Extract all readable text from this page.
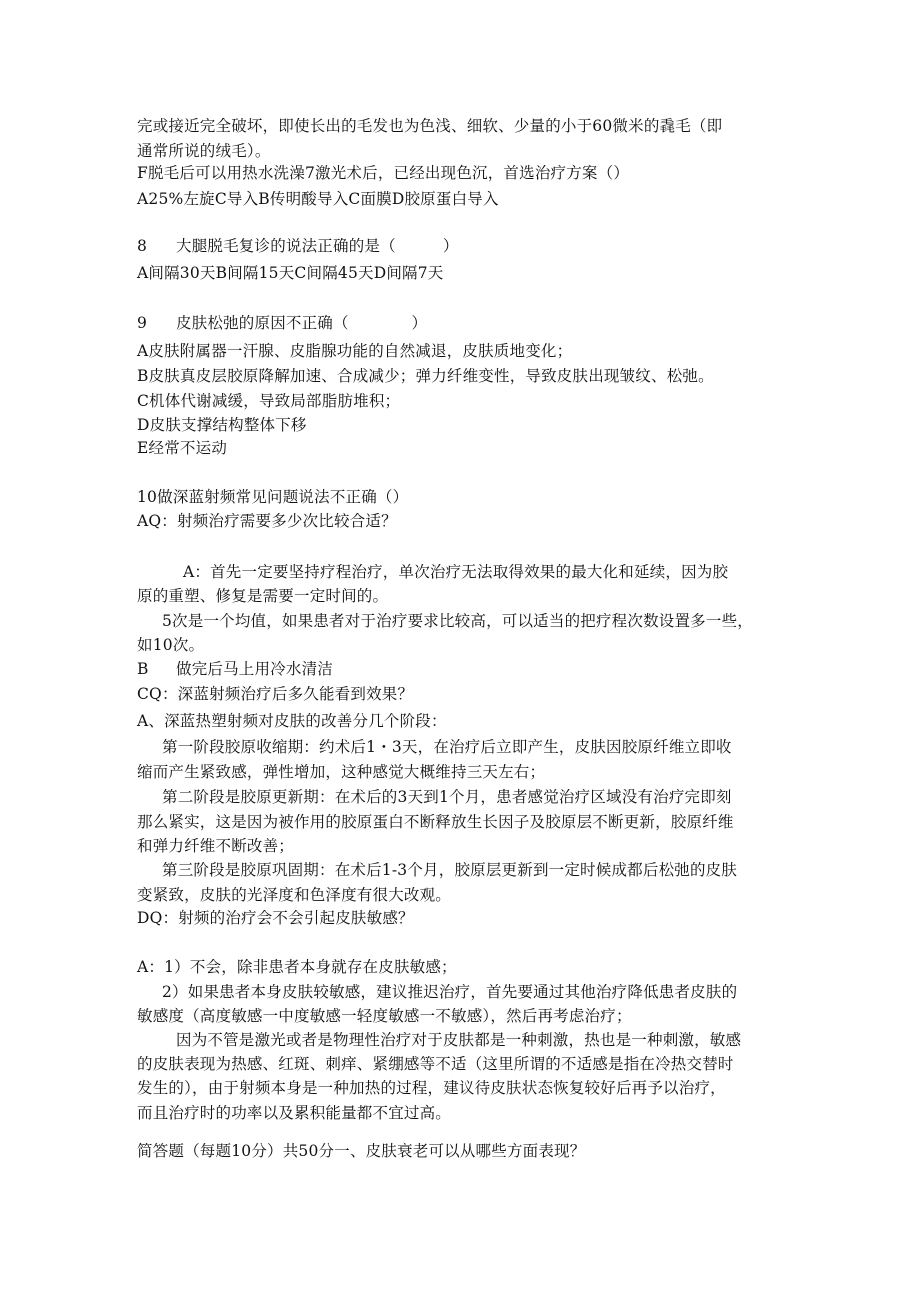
完或接近完全破坏，即使长出的毛发也为色浅、细软、少量的小于60微米的毳毛（即
通常所说的绒毛）。
F脱毛后可以用热水洗澡7激光术后，已经出现色沉，首选治疗方案（）
A25%左旋C导入B传明酸导入C面膜D胶原蛋白导入
8 大腿脱毛复诊的说法正确的是（　　　）
A间隔30天B间隔15天C间隔45天D间隔7天
9 皮肤松弛的原因不正确（　　　　）
A皮肤附属器一汗腺、皮脂腺功能的自然减退，皮肤质地变化；
B皮肤真皮层胶原降解加速、合成减少；弹力纤维变性，导致皮肤出现皱纹、松弛。
C机体代谢减缓，导致局部脂肪堆积；
D皮肤支撑结构整体下移
E经常不运动
10做深蓝射频常见问题说法不正确（）
AQ：射频治疗需要多少次比较合适？
A：首先一定要坚持疗程治疗，单次治疗无法取得效果的最大化和延续，因为胶
原的重塑、修复是需要一定时间的。
5次是一个均值，如果患者对于治疗要求比较高，可以适当的把疗程次数设置多一些，
如10次。
B 做完后马上用冷水清洁
CQ：深蓝射频治疗后多久能看到效果？
A、深蓝热塑射频对皮肤的改善分几个阶段：
第一阶段胶原收缩期：约术后1・3天，在治疗后立即产生，皮肤因胶原纤维立即收
缩而产生紧致感，弹性增加，这种感觉大概维持三天左右；
第二阶段是胶原更新期：在术后的3天到1个月，患者感觉治疗区域没有治疗完即刻
那么紧实，这是因为被作用的胶原蛋白不断释放生长因子及胶原层不断更新，胶原纤维
和弹力纤维不断改善；
第三阶段是胶原巩固期：在术后1-3个月，胶原层更新到一定时候成都后松弛的皮肤
变紧致，皮肤的光泽度和色泽度有很大改观。
DQ：射频的治疗会不会引起皮肤敏感？
A：1）不会，除非患者本身就存在皮肤敏感；
2）如果患者本身皮肤较敏感，建议推迟治疗，首先要通过其他治疗降低患者皮肤的
敏感度（高度敏感一中度敏感一轻度敏感一不敏感），然后再考虑治疗；
因为不管是激光或者是物理性治疗对于皮肤都是一种刺激，热也是一种刺激，敏感
的皮肤表现为热感、红斑、刺痒、紧绷感等不适（这里所谓的不适感是指在冷热交替时
发生的），由于射频本身是一种加热的过程，建议待皮肤状态恢复较好后再予以治疗，
而且治疗时的功率以及累积能量都不宜过高。
简答题（每题10分）共50分一、皮肤衰老可以从哪些方面表现？
